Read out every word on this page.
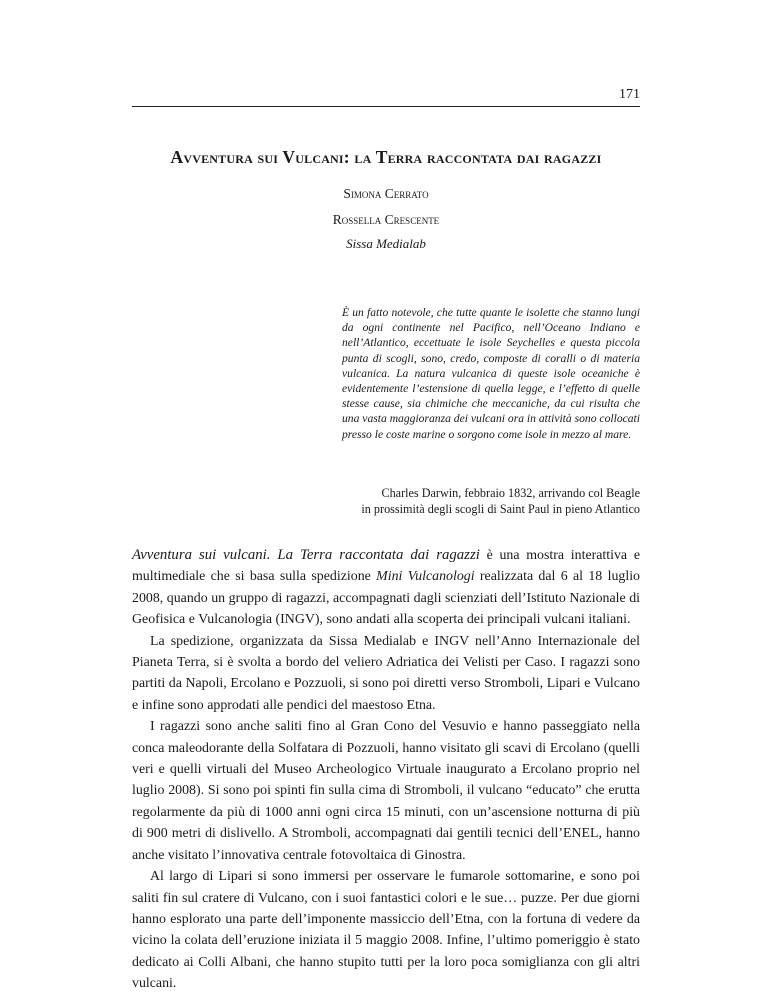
171
Avventura sui Vulcani: la Terra raccontata dai ragazzi
Simona Cerrato
Rossella Crescente
Sissa Medialab
È un fatto notevole, che tutte quante le isolette che stanno lungi da ogni continente nel Pacifico, nell’Oceano Indiano e nell’Atlantico, eccettuate le isole Seychelles e questa piccola punta di scogli, sono, credo, composte di coralli o di materia vulcanica. La natura vulcanica di queste isole oceaniche è evidentemente l’estensione di quella legge, e l’effetto di quelle stesse cause, sia chimiche che meccaniche, da cui risulta che una vasta maggioranza dei vulcani ora in attività sono collocati presso le coste marine o sorgono come isole in mezzo al mare.
Charles Darwin, febbraio 1832, arrivando col Beagle
in prossimità degli scogli di Saint Paul in pieno Atlantico

Avventura sui vulcani. La Terra raccontata dai ragazzi è una mostra interattiva e multimediale che si basa sulla spedizione Mini Vulcanologi realizzata dal 6 al 18 luglio 2008, quando un gruppo di ragazzi, accompagnati dagli scienziati dell’Istituto Nazionale di Geofisica e Vulcanologia (INGV), sono andati alla scoperta dei principali vulcani italiani.

La spedizione, organizzata da Sissa Medialab e INGV nell’Anno Internazionale del Pianeta Terra, si è svolta a bordo del veliero Adriatica dei Velisti per Caso. I ragazzi sono partiti da Napoli, Ercolano e Pozzuoli, si sono poi diretti verso Stromboli, Lipari e Vulcano e infine sono approdati alle pendici del maestoso Etna.

I ragazzi sono anche saliti fino al Gran Cono del Vesuvio e hanno passeggiato nella conca maleodorante della Solfatara di Pozzuoli, hanno visitato gli scavi di Ercolano (quelli veri e quelli virtuali del Museo Archeologico Virtuale inaugurato a Ercolano proprio nel luglio 2008). Si sono poi spinti fin sulla cima di Stromboli, il vulcano “educato” che erutta regolarmente da più di 1000 anni ogni circa 15 minuti, con un’ascensione notturna di più di 900 metri di dislivello. A Stromboli, accompagnati dai gentili tecnici dell’ENEL, hanno anche visitato l’innovativa centrale fotovoltaica di Ginostra.

Al largo di Lipari si sono immersi per osservare le fumarole sottomarine, e sono poi saliti fin sul cratere di Vulcano, con i suoi fantastici colori e le sue… puzze. Per due giorni hanno esplorato una parte dell’imponente massiccio dell’Etna, con la fortuna di vedere da vicino la colata dell’eruzione iniziata il 5 maggio 2008. Infine, l’ultimo pomeriggio è stato dedicato ai Colli Albani, che hanno stupito tutti per la loro poca somiglianza con gli altri vulcani.
